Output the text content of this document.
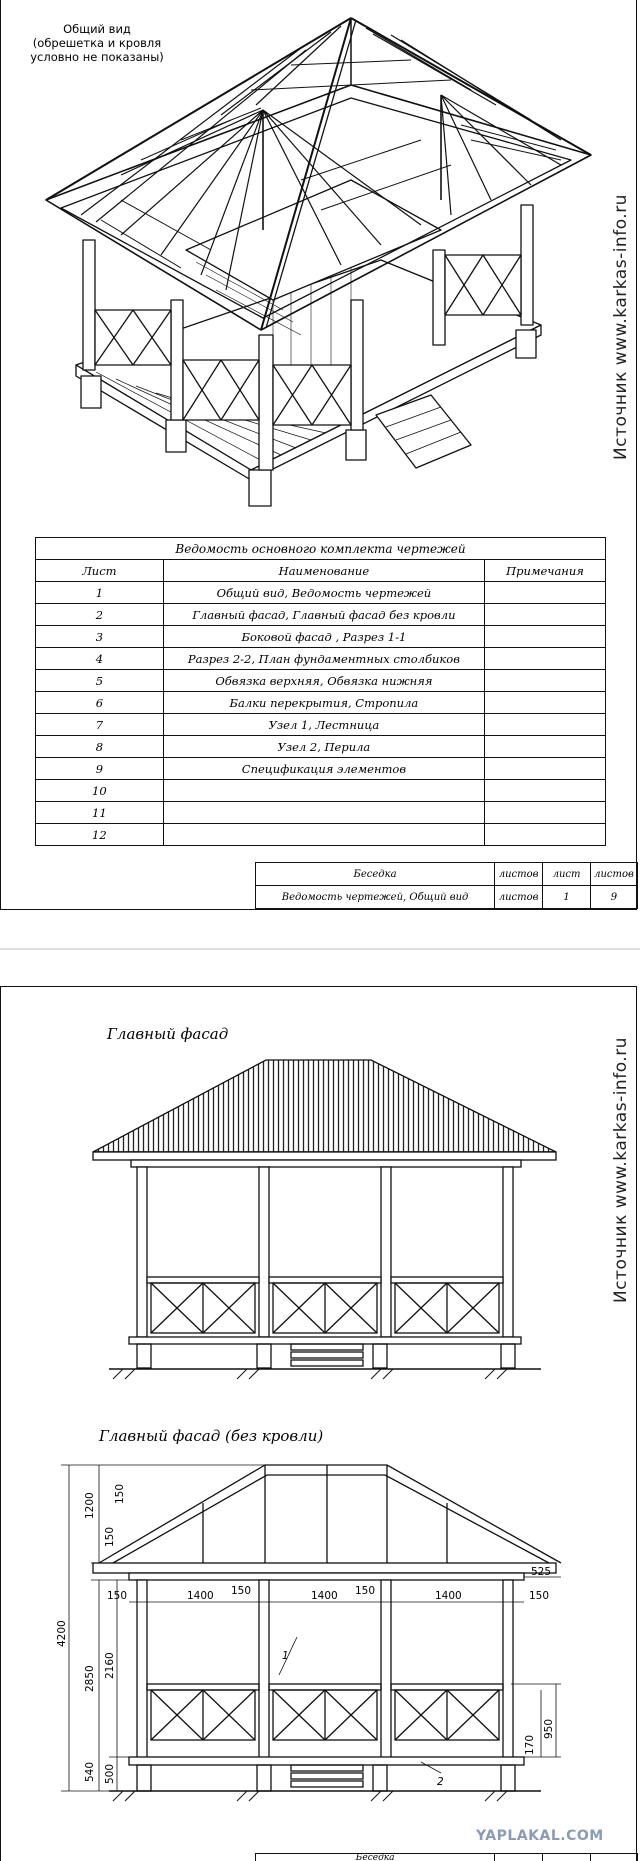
Общий вид
(обрешетка и кровля
условно не показаны)
Источник www.karkas-info.ru
Ведомость основного комплекта чертежей		
Лист	Наименование	Примечания
1	Общий вид, Ведомость чертежей	
2	Главный фасад, Главный фасад без кровли	
3	Боковой фасад , Разрез 1-1	
4	Разрез 2-2, План фундаментных столбиков	
5	Обвязка верхняя, Обвязка нижняя	
6	Балки перекрытия, Стропила	
7	Узел 1, Лестница	
8	Узел 2, Перила	
9	Спецификация элементов	
10		
11		
12		
Беседка	листов	лист	листов
Ведомость чертежей, Общий вид	листов	1	9
Главный фасад
Главный фасад (без кровли)
Источник www.karkas-info.ru
4200
1200 150
150
2850 2160
540 500
525
150	1400 150	1400 150	1400	150
170
950
1
2
Беседка			
YAPLAKAL.COM
